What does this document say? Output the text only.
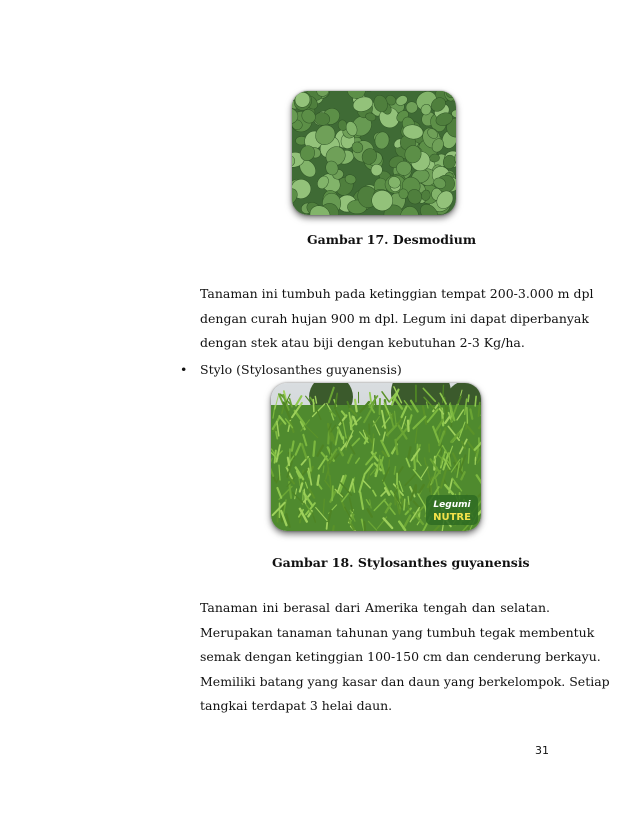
Gambar 17. Desmodium
Tanaman ini tumbuh pada ketinggian tempat 200-3.000 m dpl
dengan curah hujan 900 m dpl. Legum ini dapat diperbanyak
dengan stek atau biji dengan kebutuhan 2-3 Kg/ha.
• Stylo (Stylosanthes guyanensis)
Legumi
NUTRE
Gambar 18. Stylosanthes guyanensis
Tanaman ini berasal dari Amerika tengah dan selatan.
Merupakan tanaman tahunan yang tumbuh tegak membentuk
semak dengan ketinggian 100-150 cm dan cenderung berkayu.
Memiliki batang yang kasar dan daun yang berkelompok. Setiap
tangkai terdapat 3 helai daun.
31
